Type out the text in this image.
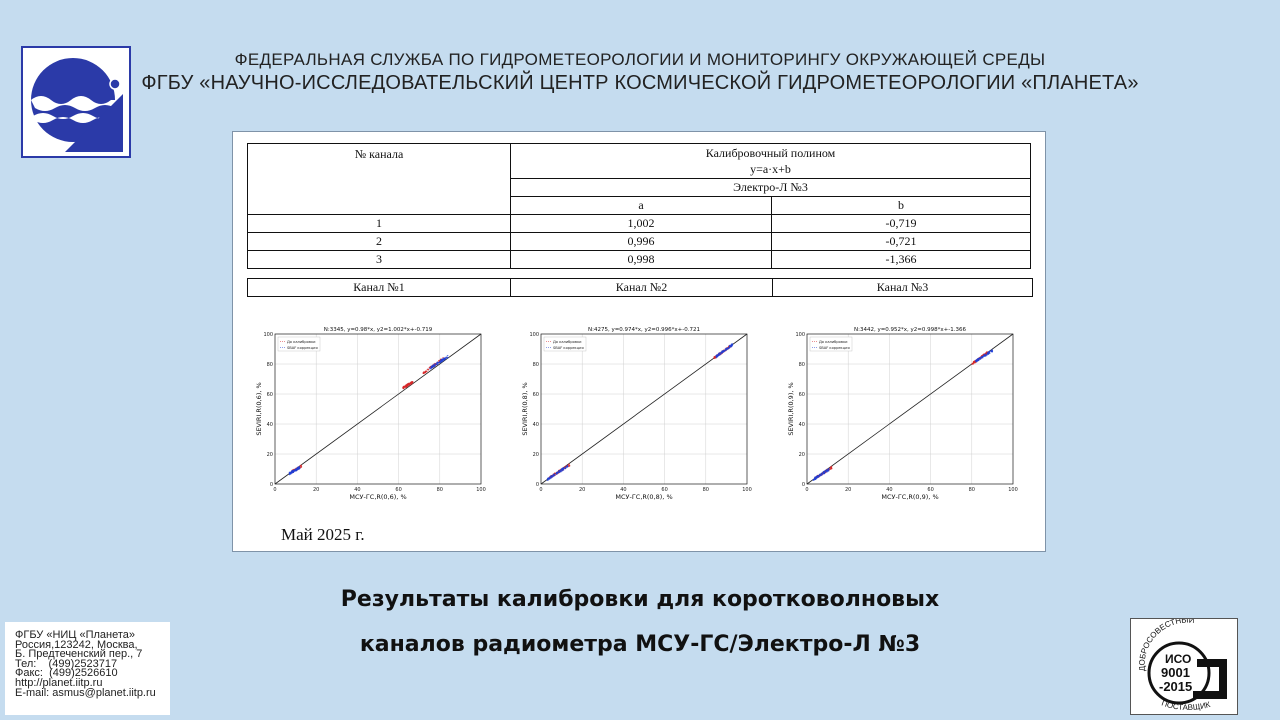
ФЕДЕРАЛЬНАЯ СЛУЖБА ПО ГИДРОМЕТЕОРОЛОГИИ И МОНИТОРИНГУ ОКРУЖАЮЩЕЙ СРЕДЫ
ФГБУ «НАУЧНО-ИССЛЕДОВАТЕЛЬСКИЙ ЦЕНТР КОСМИЧЕСКОЙ ГИДРОМЕТЕОРОЛОГИИ «ПЛАНЕТА»
№ канала	Калибровочный полином
y=a·x+b	

	Электро-Л №3	
	a	b
1	1,002	-0,719
2	0,996	-0,721
3	0,998	-1,366
Канал №1	Канал №2	Канал №3
N:3345, y=0.98*x, y2=1.002*x+-0.719
0	20	40	60	80	100
0
20
40
60
80
100
МСУ-ГС,R(0,6), %
SEVIRI,R(0,6), %
До калибровки
SBAF коррекция
N:4275, y=0.974*x, y2=0.996*x+-0.721
0	20	40	60	80	100
0
20
40
60
80
100
МСУ-ГС,R(0,8), %
SEVIRI,R(0,8), %
До калибровки
SBAF коррекция
N:3442, y=0.952*x, y2=0.998*x+-1.366
0	20	40	60	80	100
0
20
40
60
80
100
МСУ-ГС,R(0,9), %
SEVIRI,R(0,9), %
До калибровки
SBAF коррекция
Май 2025 г.
Результаты калибровки для коротковолновых
каналов радиометра МСУ-ГС/Электро-Л №3
ФГБУ «НИЦ «Планета»
Россия,123242, Москва,
Б. Предтеченский пер., 7
Тел:    (499)2523717
Факс:  (499)2526610
http://planet.iitp.ru
E-mail: asmus@planet.iitp.ru
ДОБРОСОВЕСТНЫЙ
ПОСТАВЩИК
ИСО
9001
-2015
